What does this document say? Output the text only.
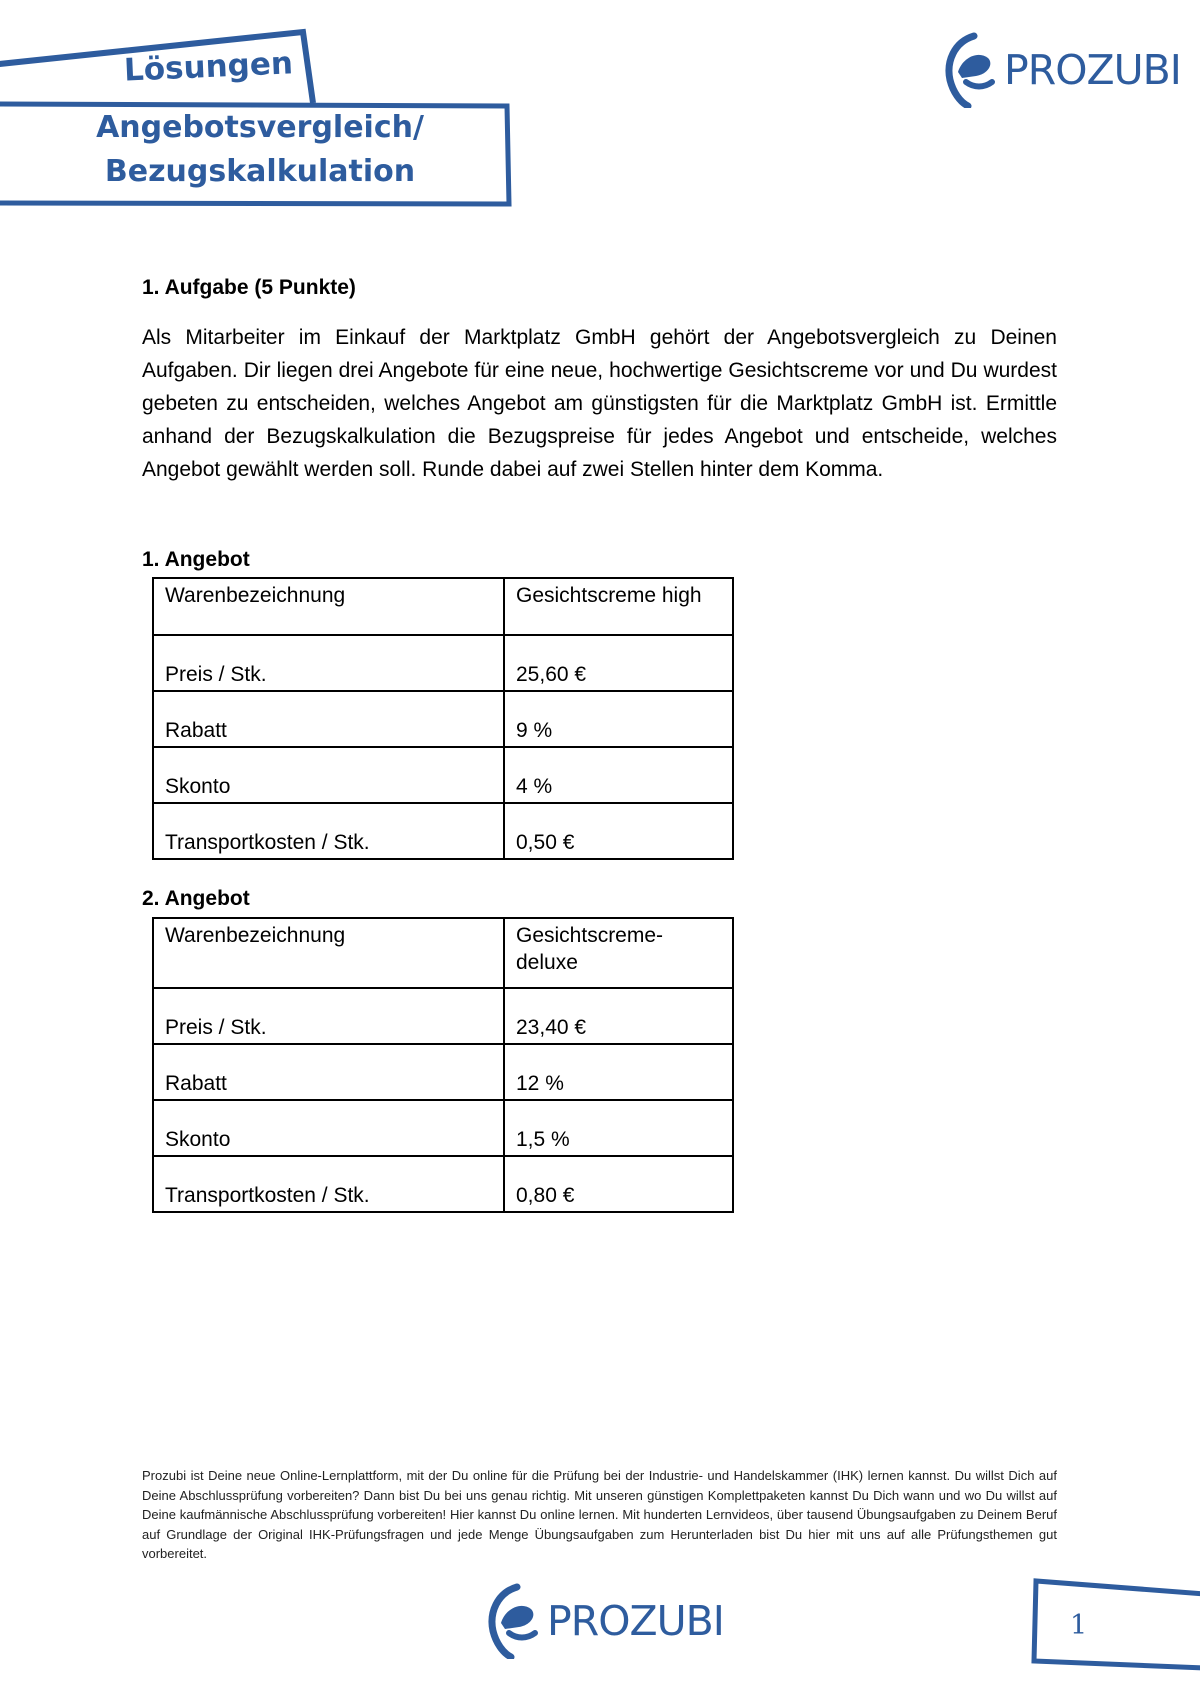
Lösungen
Angebotsvergleich/
Bezugskalkulation
PROZUBI
1. Aufgabe (5 Punkte)
Als Mitarbeiter im Einkauf der Marktplatz GmbH gehört der Angebotsvergleich zu Deinen Aufgaben. Dir liegen drei Angebote für eine neue, hochwertige Gesichtscreme vor und Du wurdest gebeten zu entscheiden, welches Angebot am günstigsten für die Marktplatz GmbH ist. Ermittle anhand der Bezugskalkulation die Bezugspreise für jedes Angebot und entscheide, welches Angebot gewählt werden soll. Runde dabei auf zwei Stellen hinter dem Komma.
1. Angebot
Warenbezeichnung	Gesichtscreme high
Preis / Stk.	25,60 €
Rabatt	9 %
Skonto	4 %
Transportkosten / Stk.	0,50 €
2. Angebot
Warenbezeichnung	Gesichtscreme-deluxe
Preis / Stk.	23,40 €
Rabatt	12 %
Skonto	1,5 %
Transportkosten / Stk.	0,80 €
Prozubi ist Deine neue Online-Lernplattform, mit der Du online für die Prüfung bei der Industrie- und Handelskammer (IHK) lernen kannst. Du willst Dich auf Deine Abschlussprüfung vorbereiten? Dann bist Du bei uns genau richtig. Mit unseren günstigen Komplettpaketen kannst Du Dich wann und wo Du willst auf Deine kaufmännische Abschlussprüfung vorbereiten! Hier kannst Du online lernen. Mit hunderten Lernvideos, über tausend Übungsaufgaben zu Deinem Beruf auf Grundlage der Original IHK-Prüfungsfragen und jede Menge Übungsaufgaben zum Herunterladen bist Du hier mit uns auf alle Prüfungsthemen gut vorbereitet.
PROZUBI	1
